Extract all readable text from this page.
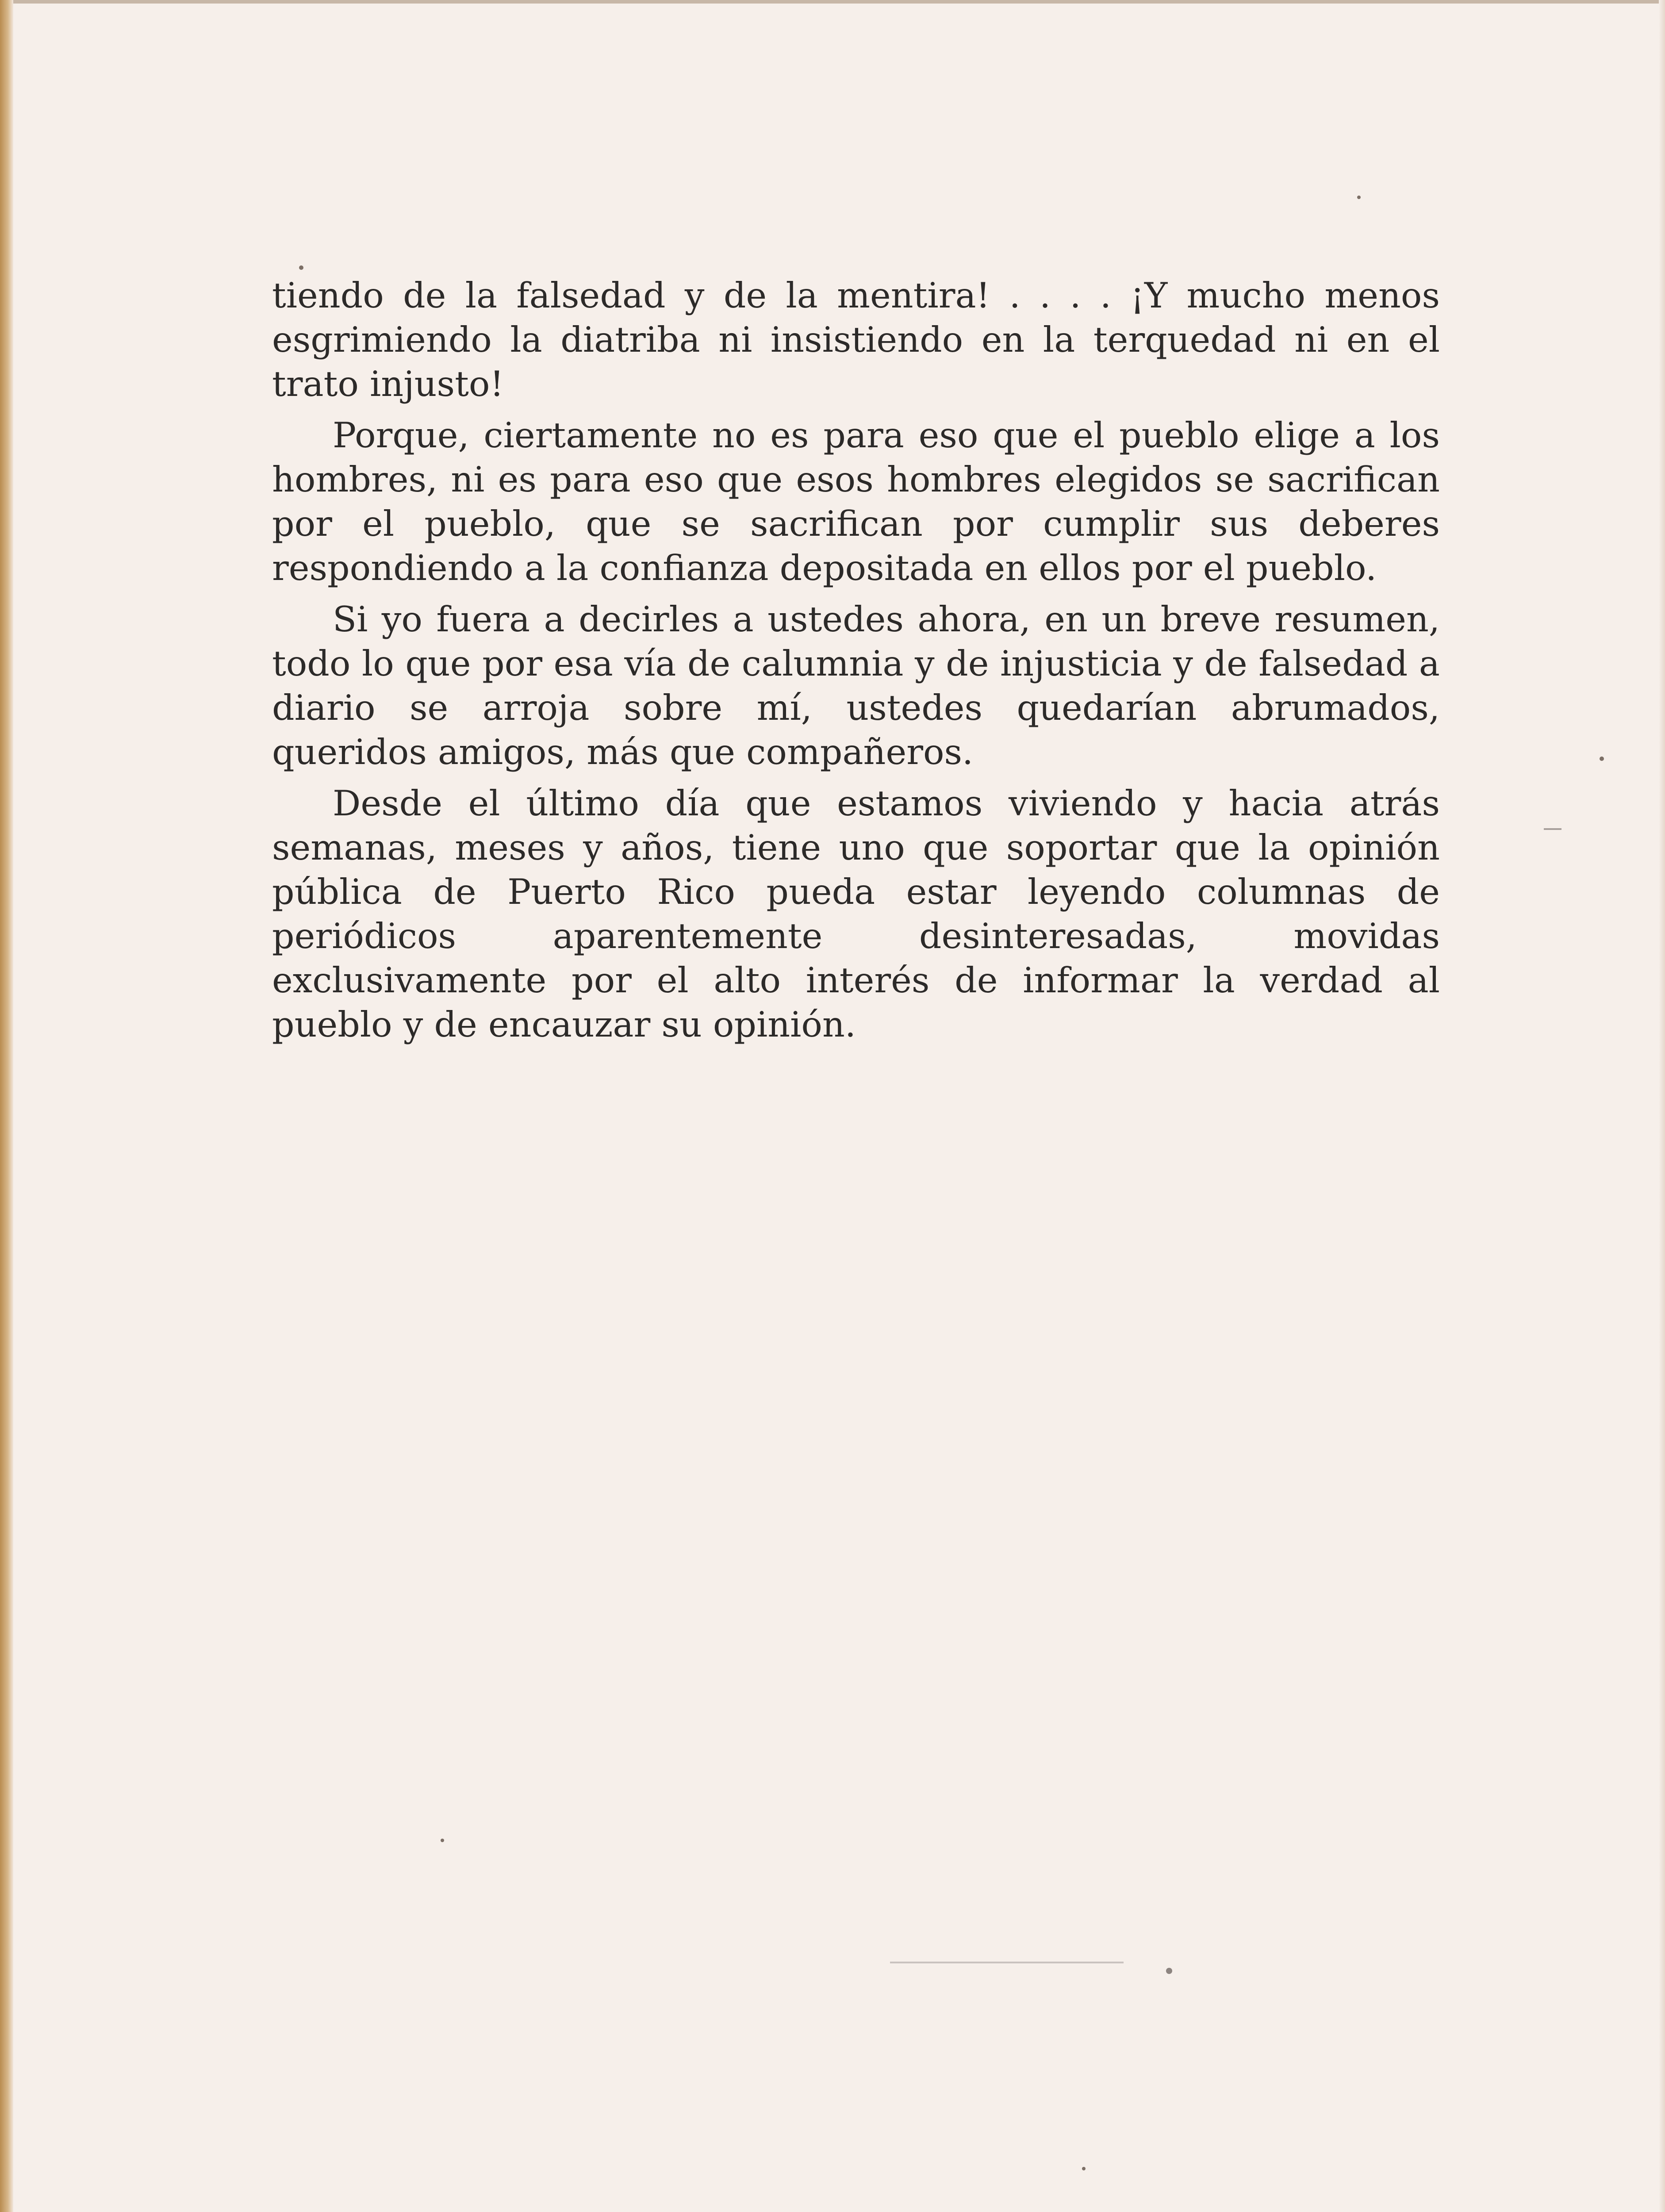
tiendo de la falsedad y de la mentira! . . . . ¡Y mucho menos esgrimiendo la diatriba ni insistiendo en la terquedad ni en el trato injusto!

Porque, ciertamente no es para eso que el pueblo elige a los hombres, ni es para eso que esos hombres elegidos se sacrifican por el pueblo, que se sacrifican por cumplir sus deberes respondiendo a la confianza depositada en ellos por el pueblo.

Si yo fuera a decirles a ustedes ahora, en un breve resumen, todo lo que por esa vía de calumnia y de injusticia y de falsedad a diario se arroja sobre mí, ustedes quedarían abrumados, queridos amigos, más que compañeros.

Desde el último día que estamos viviendo y hacia atrás semanas, meses y años, tiene uno que soportar que la opinión pública de Puerto Rico pueda estar leyendo columnas de periódicos aparentemente desinteresadas, movidas exclusivamente por el alto interés de informar la verdad al pueblo y de encauzar su opinión.
